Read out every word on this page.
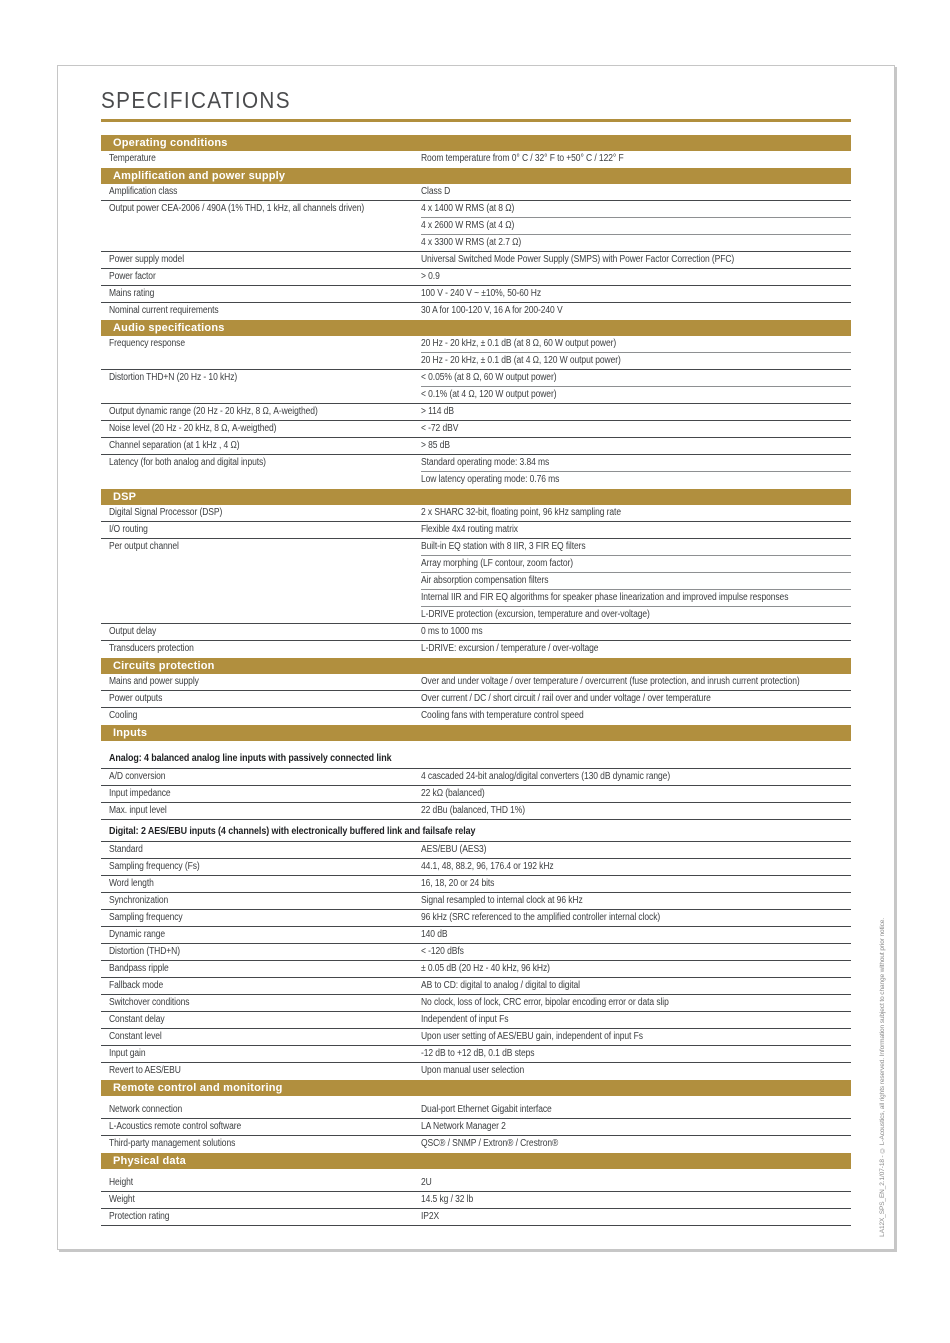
SPECIFICATIONS
Operating conditions
Temperature	Room temperature from 0° C / 32° F to +50° C / 122° F
Amplification and power supply
Amplification class	Class D
Output power CEA-2006 / 490A (1% THD, 1 kHz, all channels driven)	4 x 1400 W RMS (at 8 Ω)
4 x 2600 W RMS (at 4 Ω)
4 x 3300 W RMS (at 2.7 Ω)
Power supply model	Universal Switched Mode Power Supply (SMPS) with Power Factor Correction (PFC)
Power factor	> 0.9
Mains rating	100 V - 240 V ~ ±10%, 50-60 Hz
Nominal current requirements	30 A for 100-120 V, 16 A for 200-240 V
Audio specifications
Frequency response	20 Hz - 20 kHz, ± 0.1 dB (at 8 Ω, 60 W output power)
20 Hz - 20 kHz, ± 0.1 dB (at 4 Ω, 120 W output power)
Distortion THD+N (20 Hz - 10 kHz)	< 0.05% (at 8 Ω, 60 W output power)
< 0.1% (at 4 Ω, 120 W output power)
Output dynamic range (20 Hz - 20 kHz, 8 Ω, A-weigthed)	> 114 dB
Noise level (20 Hz - 20 kHz, 8 Ω, A-weigthed)	< -72 dBV
Channel separation (at 1 kHz , 4 Ω)	> 85 dB
Latency (for both analog and digital inputs)	Standard operating mode: 3.84 ms
Low latency operating mode: 0.76 ms
DSP
Digital Signal Processor (DSP)	2 x SHARC 32-bit, floating point, 96 kHz sampling rate
I/O routing	Flexible 4x4 routing matrix
Per output channel	Built-in EQ station with 8 IIR, 3 FIR EQ filters
Array morphing (LF contour, zoom factor)
Air absorption compensation filters
Internal IIR and FIR EQ algorithms for speaker phase linearization and improved impulse responses
L-DRIVE protection (excursion, temperature and over-voltage)
Output delay	0 ms to 1000 ms
Transducers protection	L-DRIVE: excursion / temperature / over-voltage
Circuits protection
Mains and power supply	Over and under voltage / over temperature / overcurrent (fuse protection, and inrush current protection)
Power outputs	Over current / DC / short circuit / rail over and under voltage / over temperature
Cooling	Cooling fans with temperature control speed
Inputs
Analog: 4 balanced analog line inputs with passively connected link
A/D conversion	4 cascaded 24-bit analog/digital converters (130 dB dynamic range)
Input impedance	22 kΩ (balanced)
Max. input level	22 dBu (balanced, THD 1%)
Digital: 2 AES/EBU inputs (4 channels) with electronically buffered link and failsafe relay
Standard	AES/EBU (AES3)
Sampling frequency (Fs)	44.1, 48, 88.2, 96, 176.4 or 192 kHz
Word length	16, 18, 20 or 24 bits
Synchronization	Signal resampled to internal clock at 96 kHz
Sampling frequency	96 kHz (SRC referenced to the amplified controller internal clock)
Dynamic range	140 dB
Distortion (THD+N)	< -120 dBfs
Bandpass ripple	± 0.05 dB (20 Hz - 40 kHz, 96 kHz)
Fallback mode	AB to CD: digital to analog / digital to digital
Switchover conditions	No clock, loss of lock, CRC error, bipolar encoding error or data slip
Constant delay	Independent of input Fs
Constant level	Upon user setting of AES/EBU gain, independent of input Fs
Input gain	-12 dB to +12 dB, 0.1 dB steps
Revert to AES/EBU	Upon manual user selection
Remote control and monitoring
Network connection	Dual-port Ethernet Gigabit interface
L-Acoustics remote control software	LA Network Manager 2
Third-party management solutions	QSC® / SNMP / Extron® / Crestron®
Physical data
Height	2U
Weight	14.5 kg / 32 lb
Protection rating	IP2X	LA12X_SPS_EN_2.1/07-18 - © L-Acoustics, all rights reserved. Information subject to change without prior notice.
